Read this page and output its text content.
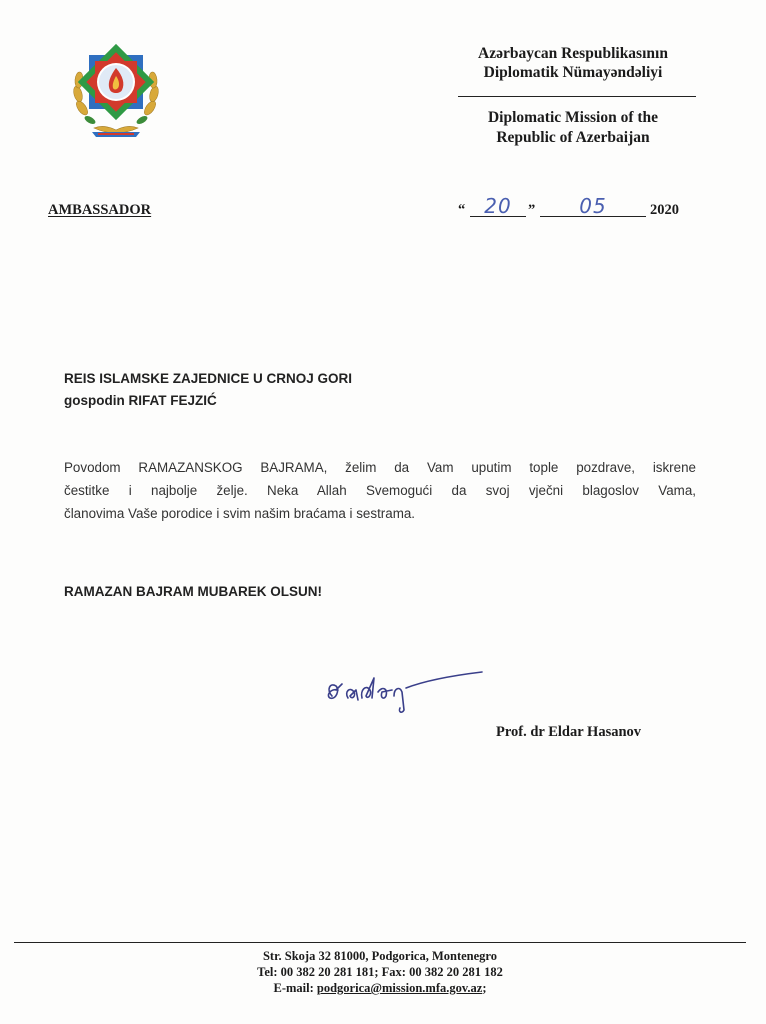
Azərbaycan Respublikasının
Diplomatik Nümayəndəliyi
Diplomatic Mission of the
Republic of Azerbaijan
AMBASSADOR	“ 20	”	05	2020
REIS ISLAMSKE ZAJEDNICE U CRNOJ GORI
gospodin RIFAT FEJZIĆ
Povodom RAMAZANSKOG BAJRAMA, želim da Vam uputim tople pozdrave, iskrene
čestitke i najbolje želje. Neka Allah Svemogući da svoj vječni blagoslov Vama,
članovima Vaše porodice i svim našim braćama i sestrama.
RAMAZAN BAJRAM MUBAREK OLSUN!
Prof. dr Eldar Hasanov
Str. Skoja 32 81000, Podgorica, Montenegro
Tel: 00 382 20 281 181; Fax: 00 382 20 281 182
E-mail: podgorica@mission.mfa.gov.az;
